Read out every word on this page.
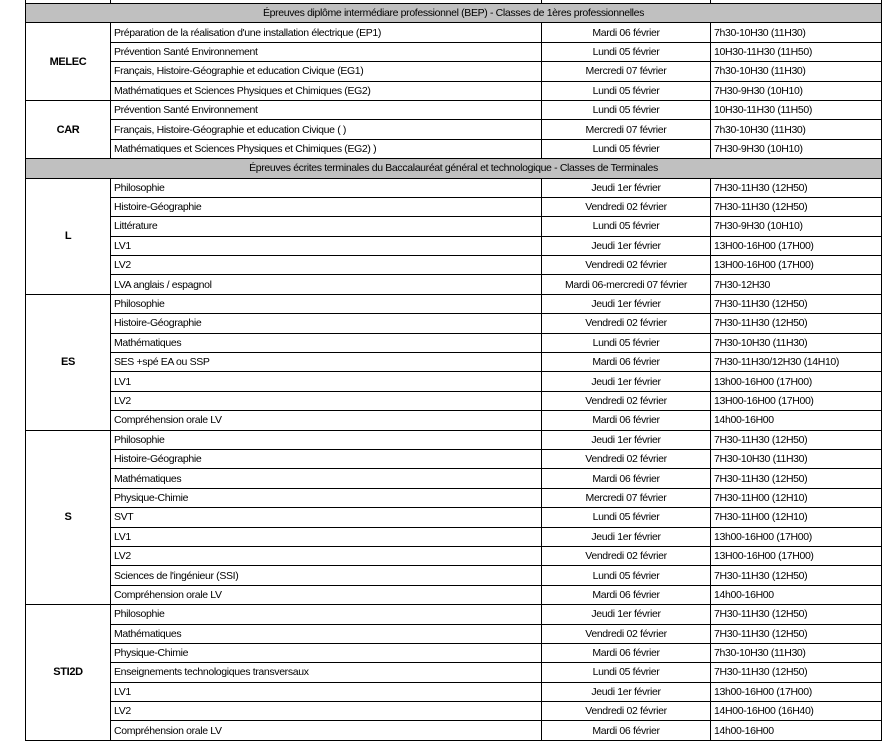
Épreuves diplôme intermédiare professionnel (BEP) - Classes de 1ères professionnelles			
MELEC	Préparation de la réalisation d'une installation électrique (EP1)	Mardi 06 février	7h30-10H30 (11H30)
	Prévention Santé Environnement	Lundi 05 février	10H30-11H30 (11H50)
	Français, Histoire-Géographie et education Civique (EG1)	Mercredi 07 février	7h30-10H30 (11H30)
	Mathématiques et Sciences Physiques et Chimiques (EG2)	Lundi 05 février	7H30-9H30 (10H10)
CAR	Prévention Santé Environnement	Lundi 05 février	10H30-11H30 (11H50)
	Français, Histoire-Géographie et education Civique ( )	Mercredi 07 février	7h30-10H30 (11H30)
	Mathématiques et Sciences Physiques et Chimiques (EG2) )	Lundi 05 février	7H30-9H30 (10H10)
Épreuves écrites terminales du Baccalauréat général et technologique - Classes de Terminales			
L	Philosophie	Jeudi 1er février	7H30-11H30 (12H50)
	Histoire-Géographie	Vendredi 02 février	7H30-11H30 (12H50)
	Littérature	Lundi 05 février	7H30-9H30 (10H10)
	LV1	Jeudi 1er février	13H00-16H00 (17H00)
	LV2	Vendredi 02 février	13H00-16H00 (17H00)
	LVA anglais / espagnol	Mardi 06-mercredi 07 février	7H30-12H30
ES	Philosophie	Jeudi 1er février	7H30-11H30 (12H50)
	Histoire-Géographie	Vendredi 02 février	7H30-11H30 (12H50)
	Mathématiques	Lundi 05 février	7H30-10H30 (11H30)
	SES +spé EA ou SSP	Mardi 06 février	7H30-11H30/12H30 (14H10)
	LV1	Jeudi 1er février	13h00-16H00 (17H00)
	LV2	Vendredi 02 février	13H00-16H00 (17H00)
	Compréhension orale LV	Mardi 06 février	14h00-16H00
S	Philosophie	Jeudi 1er février	7H30-11H30 (12H50)
	Histoire-Géographie	Vendredi 02 février	7H30-10H30 (11H30)
	Mathématiques	Mardi 06 février	7H30-11H30 (12H50)
	Physique-Chimie	Mercredi 07 février	7H30-11H00 (12H10)
	SVT	Lundi 05 février	7H30-11H00 (12H10)
	LV1	Jeudi 1er février	13h00-16H00 (17H00)
	LV2	Vendredi 02 février	13H00-16H00 (17H00)
	Sciences de l'ingénieur (SSI)	Lundi 05 février	7H30-11H30 (12H50)
	Compréhension orale LV	Mardi 06 février	14h00-16H00
STI2D	Philosophie	Jeudi 1er février	7H30-11H30 (12H50)
	Mathématiques	Vendredi 02 février	7H30-11H30 (12H50)
	Physique-Chimie	Mardi 06 février	7h30-10H30 (11H30)
	Enseignements technologiques transversaux	Lundi 05 février	7H30-11H30 (12H50)
	LV1	Jeudi 1er février	13h00-16H00 (17H00)
	LV2	Vendredi 02 février	14H00-16H00 (16H40)
	Compréhension orale LV	Mardi 06 février	14h00-16H00
